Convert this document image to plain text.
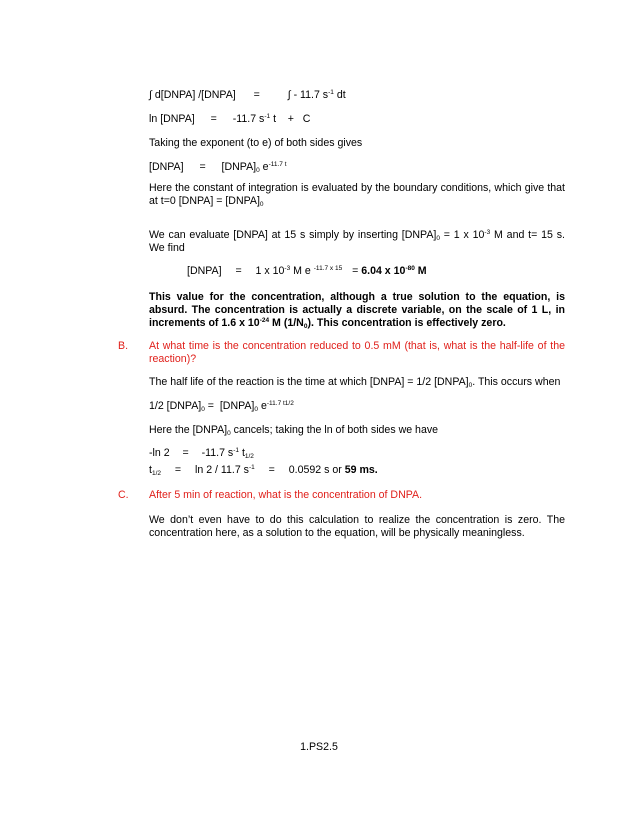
∫ d[DNPA] /[DNPA] =	∫ - 11.7 $s^{-1}$ dt
ln [DNPA] = -11.7 $s^{-1}$ t    +   C
Taking the exponent (to e) of both sides gives
[DNPA] = $[DNPA]_0$ $e^{-11.7 t}$
Here the constant of integration is evaluated by the boundary conditions, which give that at t=0 [DNPA] = $[DNPA]_0$
We can evaluate [DNPA] at 15 s simply by inserting $[DNPA]_0 = 1$ x $10^{-3}$ M and t= 15 s. We find
[DNPA] = 1 x $10^{-3}$ M e $^{-11.7 x 15}$ = 6.04 x $10^{-80}$ M
This value for the concentration, although a true solution to the equation, is absurd. The concentration is actually a discrete variable, on the scale of 1 L, in increments of 1.6 x $10^{-24}$ M $(1/N_0)$. This concentration is effectively zero.
B. At what time is the concentration reduced to 0.5 mM (that is, what is the half-life of the reaction)?
The half life of the reaction is the time at which [DNPA] = 1/2 $[DNPA]_0$. This occurs when
1/2 $[DNPA]_0$ =  $[DNPA]_0$ $e^{-11.7 t1/2}$
Here the $[DNPA]_0$ cancels; taking the ln of both sides we have
-ln 2 = -11.7 $s^{-1}$ $t_{1/2}$
$t_{1/2} = \ln 2 / 11.7$ $s^{-1} = 0.0592$ s or 59 ms.
C. After 5 min of reaction, what is the concentration of DNPA.
We don’t even have to do this calculation to realize the concentration is zero. The concentration here, as a solution to the equation, will be physically meaningless.
1.PS2.5
